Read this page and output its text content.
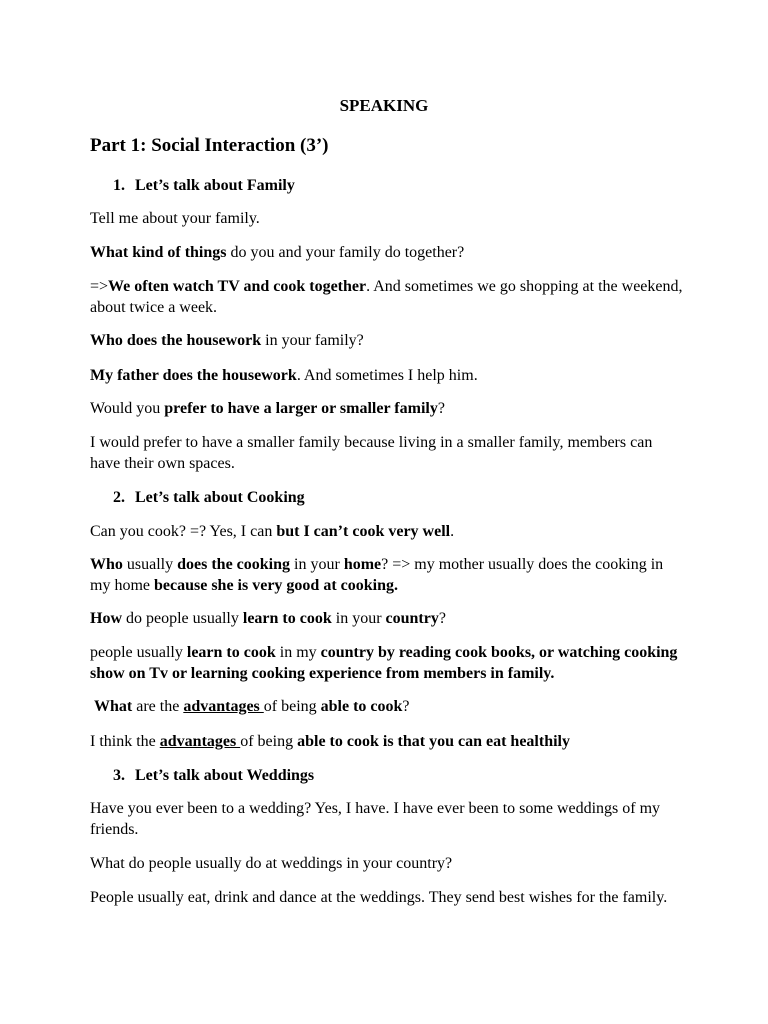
SPEAKING
Part 1: Social Interaction (3’)
1. Let’s talk about Family

Tell me about your family.

What kind of things do you and your family do together?

=>We often watch TV and cook together. And sometimes we go shopping at the weekend, about twice a week.

Who does the housework in your family?

My father does the housework. And sometimes I help him.

Would you prefer to have a larger or smaller family?

I would prefer to have a smaller family because living in a smaller family, members can have their own spaces.

2. Let’s talk about Cooking

Can you cook? =? Yes, I can but I can’t cook very well.

Who usually does the cooking in your home? => my mother usually does the cooking in my home because she is very good at cooking.

How do people usually learn to cook in your country?

people usually learn to cook in my country by reading cook books, or watching cooking show on Tv or learning cooking experience from members in family.

What are the advantages of being able to cook?

I think the advantages of being able to cook is that you can eat healthily

3. Let’s talk about Weddings

Have you ever been to a wedding? Yes, I have. I have ever been to some weddings of my friends.

What do people usually do at weddings in your country?

People usually eat, drink and dance at the weddings. They send best wishes for the family.
